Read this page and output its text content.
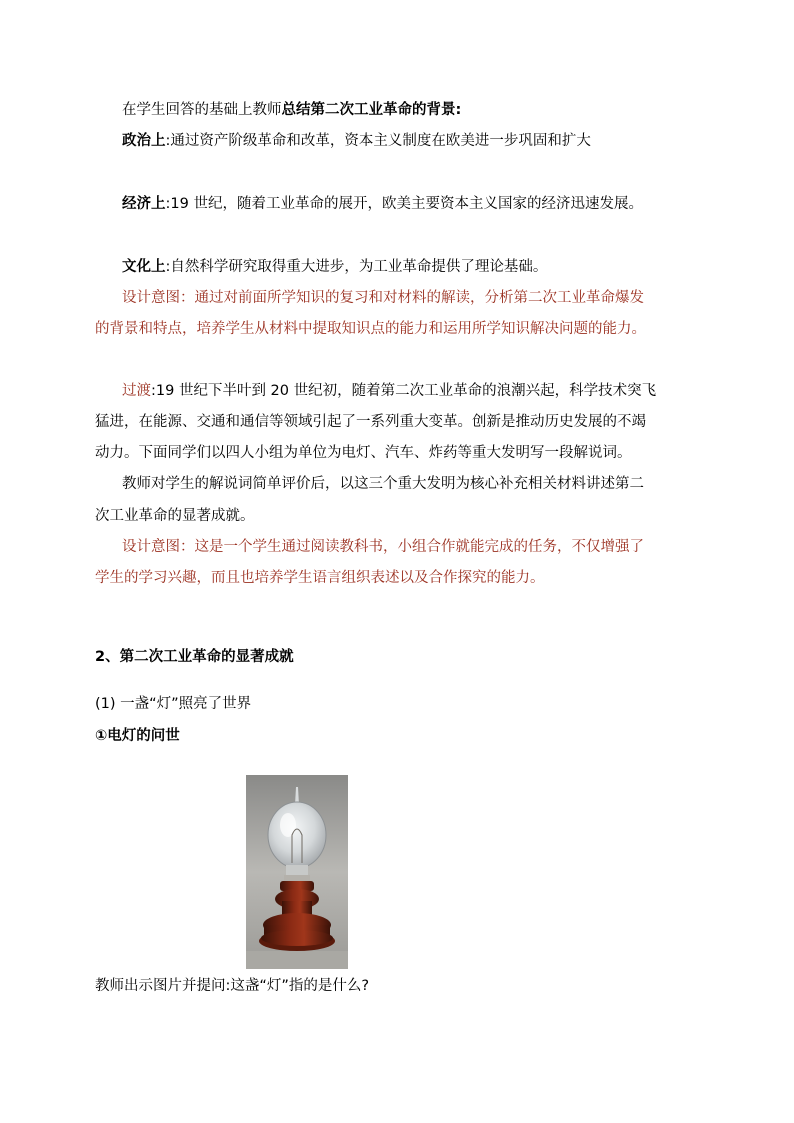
在学生回答的基础上教师总结第二次工业革命的背景:
政治上:通过资产阶级革命和改革，资本主义制度在欧美进一步巩固和扩大
经济上:19 世纪，随着工业革命的展开，欧美主要资本主义国家的经济迅速发展。
文化上:自然科学研究取得重大进步，为工业革命提供了理论基础。
设计意图：通过对前面所学知识的复习和对材料的解读，分析第二次工业革命爆发
的背景和特点，培养学生从材料中提取知识点的能力和运用所学知识解决问题的能力。
过渡:19 世纪下半叶到 20 世纪初，随着第二次工业革命的浪潮兴起，科学技术突飞
猛进，在能源、交通和通信等领域引起了一系列重大变革。创新是推动历史发展的不竭
动力。下面同学们以四人小组为单位为电灯、汽车、炸药等重大发明写一段解说词。
教师对学生的解说词简单评价后，以这三个重大发明为核心补充相关材料讲述第二
次工业革命的显著成就。
设计意图：这是一个学生通过阅读教科书，小组合作就能完成的任务，不仅增强了
学生的学习兴趣，而且也培养学生语言组织表述以及合作探究的能力。
2、第二次工业革命的显著成就
(1) 一盏“灯”照亮了世界
①电灯的问世
教师出示图片并提问:这盏“灯”指的是什么?
